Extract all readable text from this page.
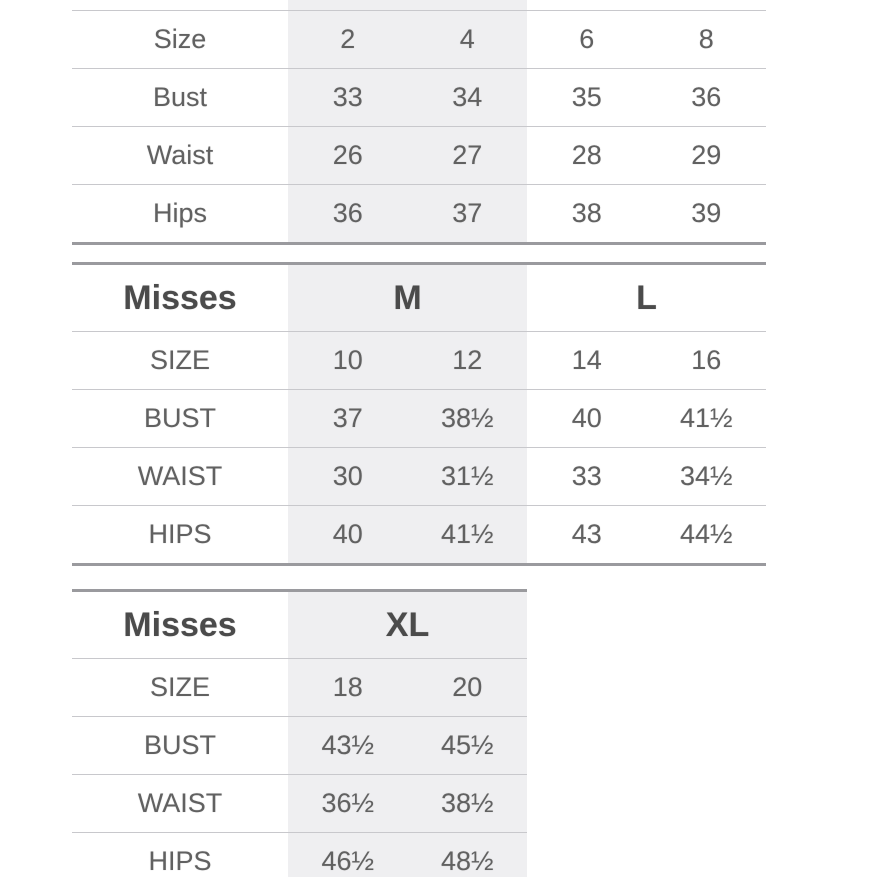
Size	2	4	6	8
Bust	33	34	35	36
Waist	26	27	28	29
Hips	36	37	38	39
Misses	M	L
SIZE	10	12	14	16
BUST	37	38½	40	41½
WAIST	30	31½	33	34½
HIPS	40	41½	43	44½
Misses	XL
SIZE	18	20
BUST	43½	45½
WAIST	36½	38½
HIPS	46½	48½
